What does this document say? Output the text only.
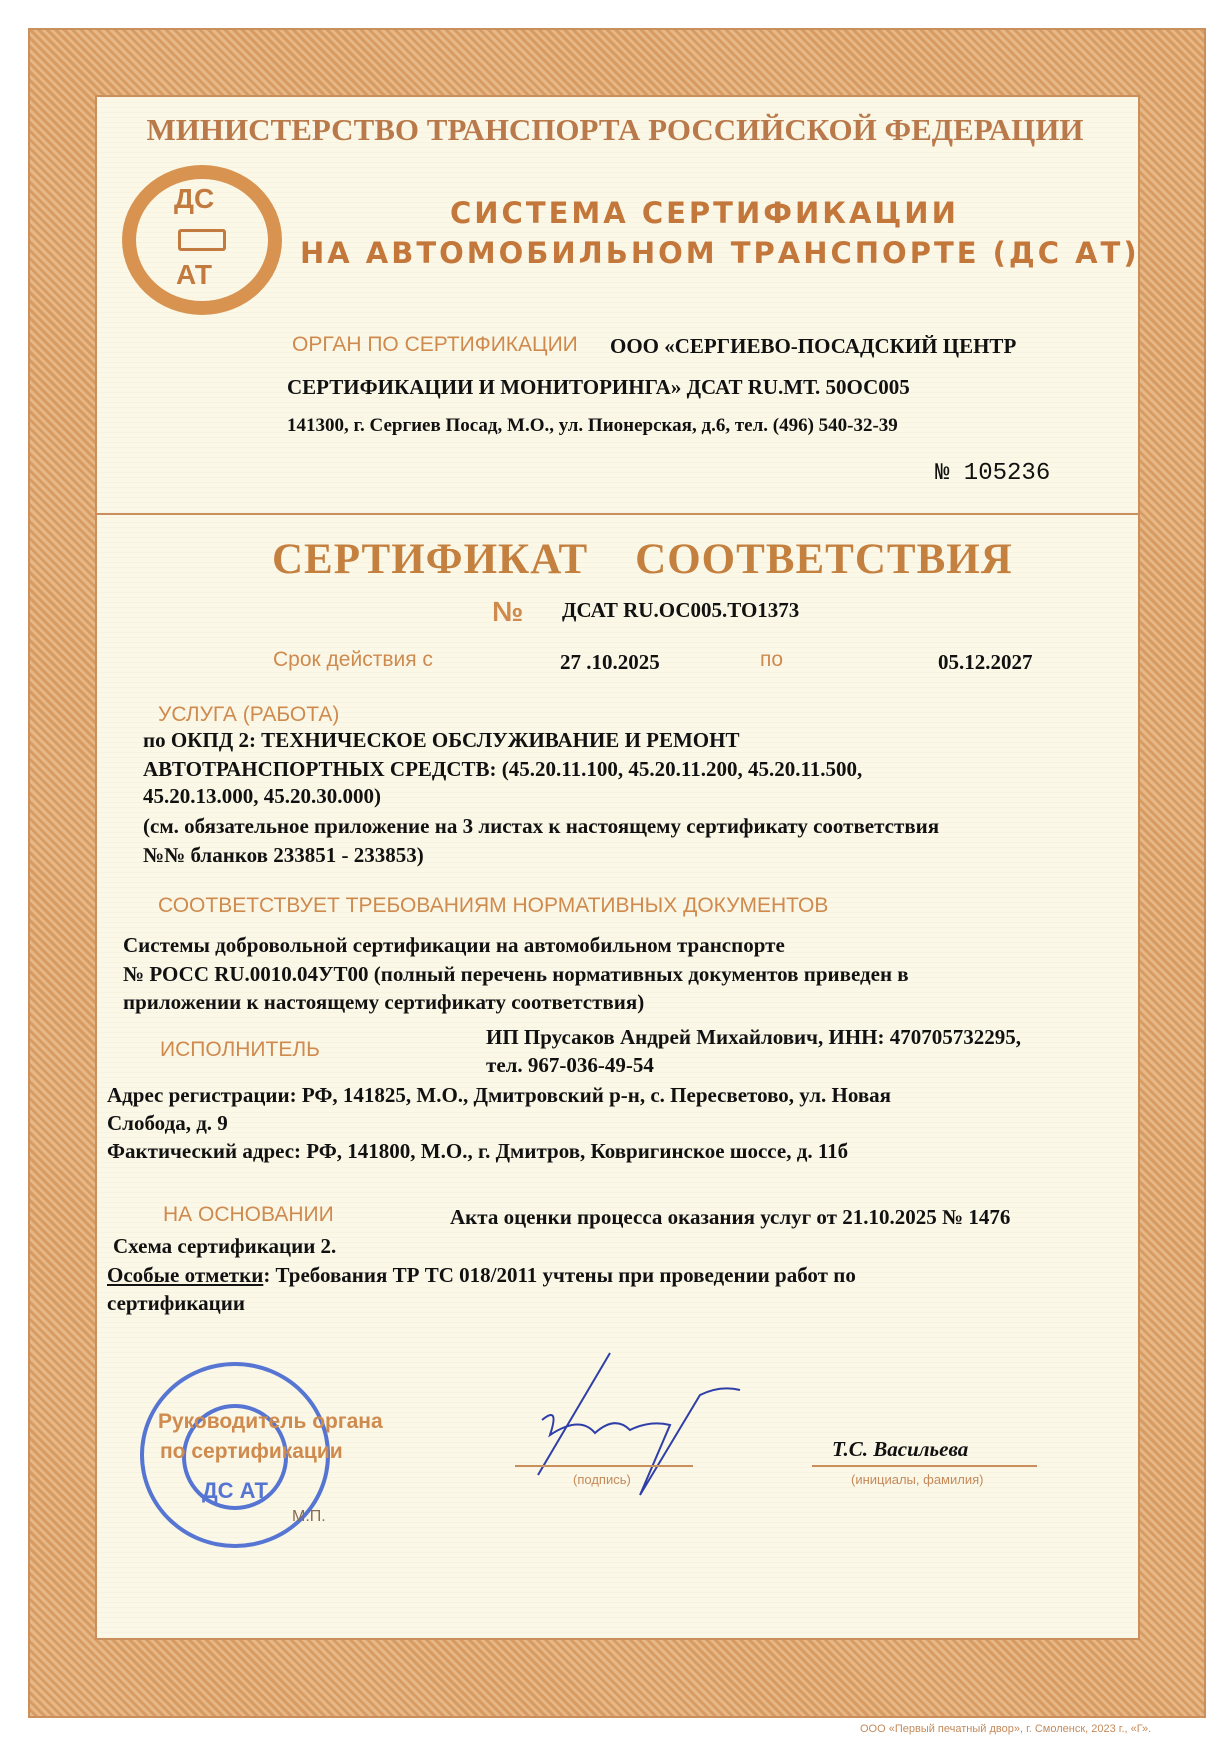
МИНИСТЕРСТВО ТРАНСПОРТА РОССИЙСКОЙ ФЕДЕРАЦИИ
ДС
АТ
СИСТЕМА СЕРТИФИКАЦИИ
НА АВТОМОБИЛЬНОМ ТРАНСПОРТЕ (ДС АТ)
ОРГАН ПО СЕРТИФИКАЦИИ ООО «СЕРГИЕВО-ПОСАДСКИЙ ЦЕНТР
СЕРТИФИКАЦИИ И МОНИТОРИНГА» ДСАТ RU.МТ. 50ОС005
141300, г. Сергиев Посад, М.О., ул. Пионерская, д.6, тел. (496) 540-32-39
№ 105236
СЕРТИФИКАТ    СООТВЕТСТВИЯ
№ ДСАТ RU.ОС005.ТО1373
Срок действия с	27 .10.2025	по	05.12.2027
УСЛУГА (РАБОТА)
по ОКПД 2: ТЕХНИЧЕСКОЕ ОБСЛУЖИВАНИЕ И РЕМОНТ
АВТОТРАНСПОРТНЫХ СРЕДСТВ: (45.20.11.100, 45.20.11.200, 45.20.11.500,
45.20.13.000, 45.20.30.000)
(см. обязательное приложение на 3 листах к настоящему сертификату соответствия
№№ бланков 233851 - 233853)
СООТВЕТСТВУЕТ ТРЕБОВАНИЯМ НОРМАТИВНЫХ ДОКУМЕНТОВ
Системы добровольной сертификации на автомобильном транспорте
№ РОСС RU.0010.04УТ00 (полный перечень нормативных документов приведен в
приложении к настоящему сертификату соответствия)
ИСПОЛНИТЕЛЬ
ИП Прусаков Андрей Михайлович, ИНН: 470705732295,
тел. 967-036-49-54
Адрес регистрации: РФ, 141825, М.О., Дмитровский р-н, с. Пересветово, ул. Новая
Слобода, д. 9
Фактический адрес: РФ, 141800, М.О., г. Дмитров, Ковригинское шоссе, д. 11б
НА ОСНОВАНИИ	Акта оценки процесса оказания услуг от 21.10.2025 № 1476
Схема сертификации 2.
Особые отметки: Требования ТР ТС 018/2011 учтены при проведении работ по
сертификации
ДС АТ
Руководитель органа
по сертификации
М.П.
(подпись)
Т.С. Васильева
(инициалы, фамилия)
ООО «Первый печатный двор», г. Смоленск, 2023 г., «Г».
